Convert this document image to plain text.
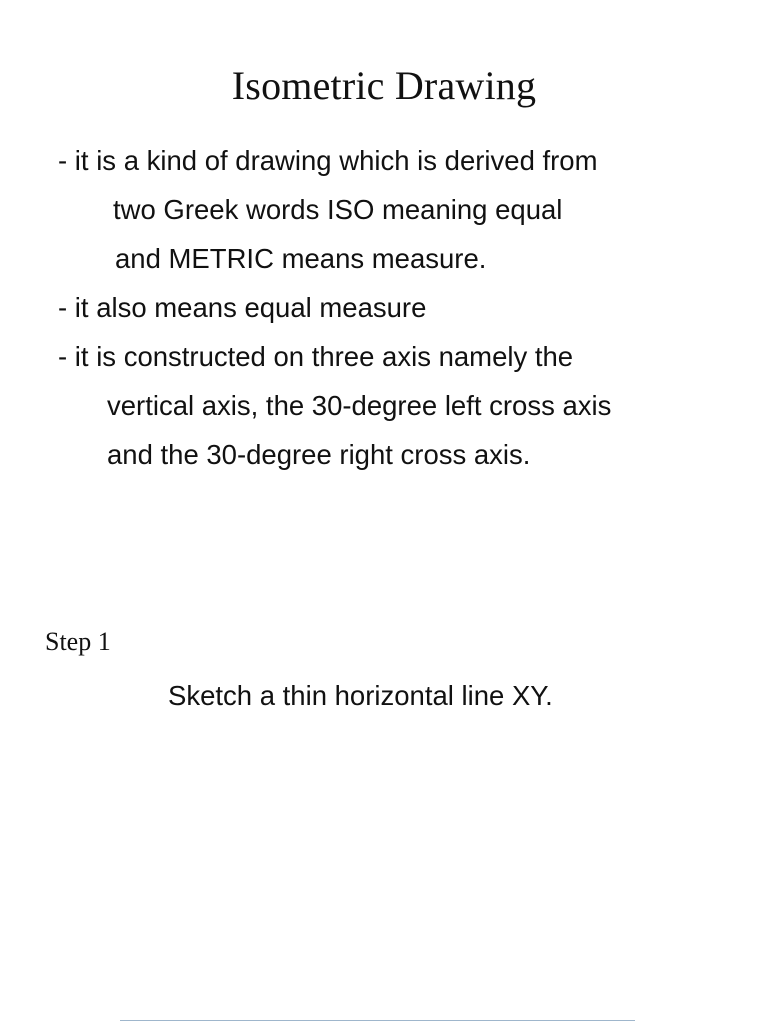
Isometric Drawing
- it is a kind of drawing which is derived from
two Greek words ISO meaning equal
and METRIC means measure.
- it also means equal measure
- it is constructed on three axis namely the
vertical axis, the 30-degree left cross axis
and the 30-degree right cross axis.
Step 1
Sketch a thin horizontal line XY.
